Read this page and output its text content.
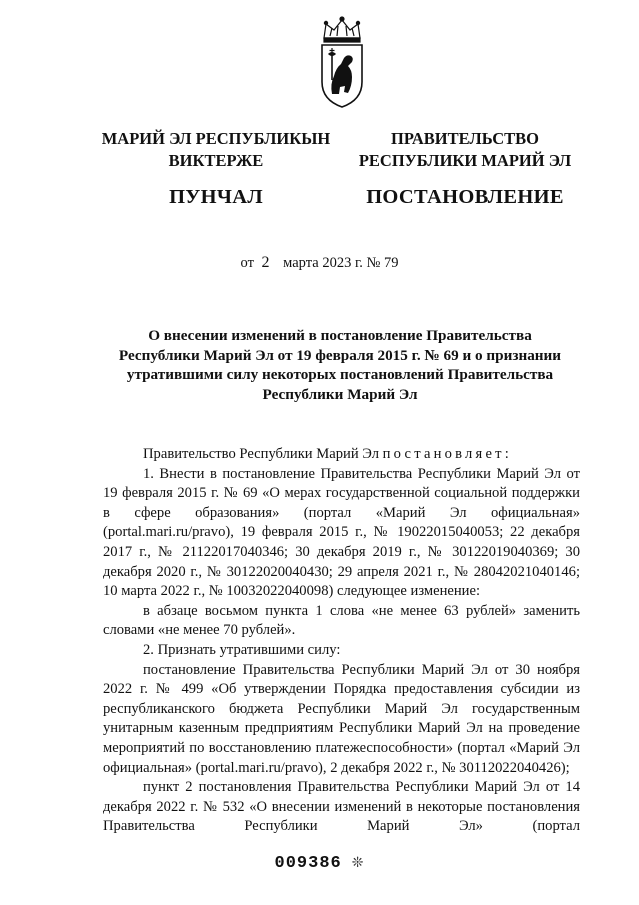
МАРИЙ ЭЛ РЕСПУБЛИКЫН
ВИКТЕРЖЕ
ПУНЧАЛ
ПРАВИТЕЛЬСТВО
РЕСПУБЛИКИ МАРИЙ ЭЛ
ПОСТАНОВЛЕНИЕ
от 2 марта 2023 г. № 79
О внесении изменений в постановление Правительства
Республики Марий Эл от 19 февраля 2015 г. № 69 и о признании
утратившими силу некоторых постановлений Правительства
Республики Марий Эл

Правительство Республики Марий Эл постановляет:

1. Внести в постановление Правительства Республики Марий Эл от 19 февраля 2015 г. № 69 «О мерах государственной социальной поддержки в сфере образования» (портал «Марий Эл официальная» (portal.mari.ru/pravo), 19 февраля 2015 г., № 19022015040053; 22 декабря 2017 г., № 21122017040346; 30 декабря 2019 г., № 30122019040369; 30 декабря 2020 г., № 30122020040430; 29 апреля 2021 г., № 28042021040146; 10 марта 2022 г., № 10032022040098) следующее изменение:

в абзаце восьмом пункта 1 слова «не менее 63 рублей» заменить словами «не менее 70 рублей».

2. Признать утратившими силу:

постановление Правительства Республики Марий Эл от 30 ноября 2022 г. № 499 «Об утверждении Порядка предоставления субсидии из республиканского бюджета Республики Марий Эл государственным унитарным казенным предприятиям Республики Марий Эл на проведение мероприятий по восстановлению платежеспособности» (портал «Марий Эл официальная» (portal.mari.ru/pravo), 2 декабря 2022 г., № 30112022040426);

пункт 2 постановления Правительства Республики Марий Эл от 14 декабря 2022 г. № 532 «О внесении изменений в некоторые постановления Правительства Республики Марий Эл» (портал

009386 ❊
